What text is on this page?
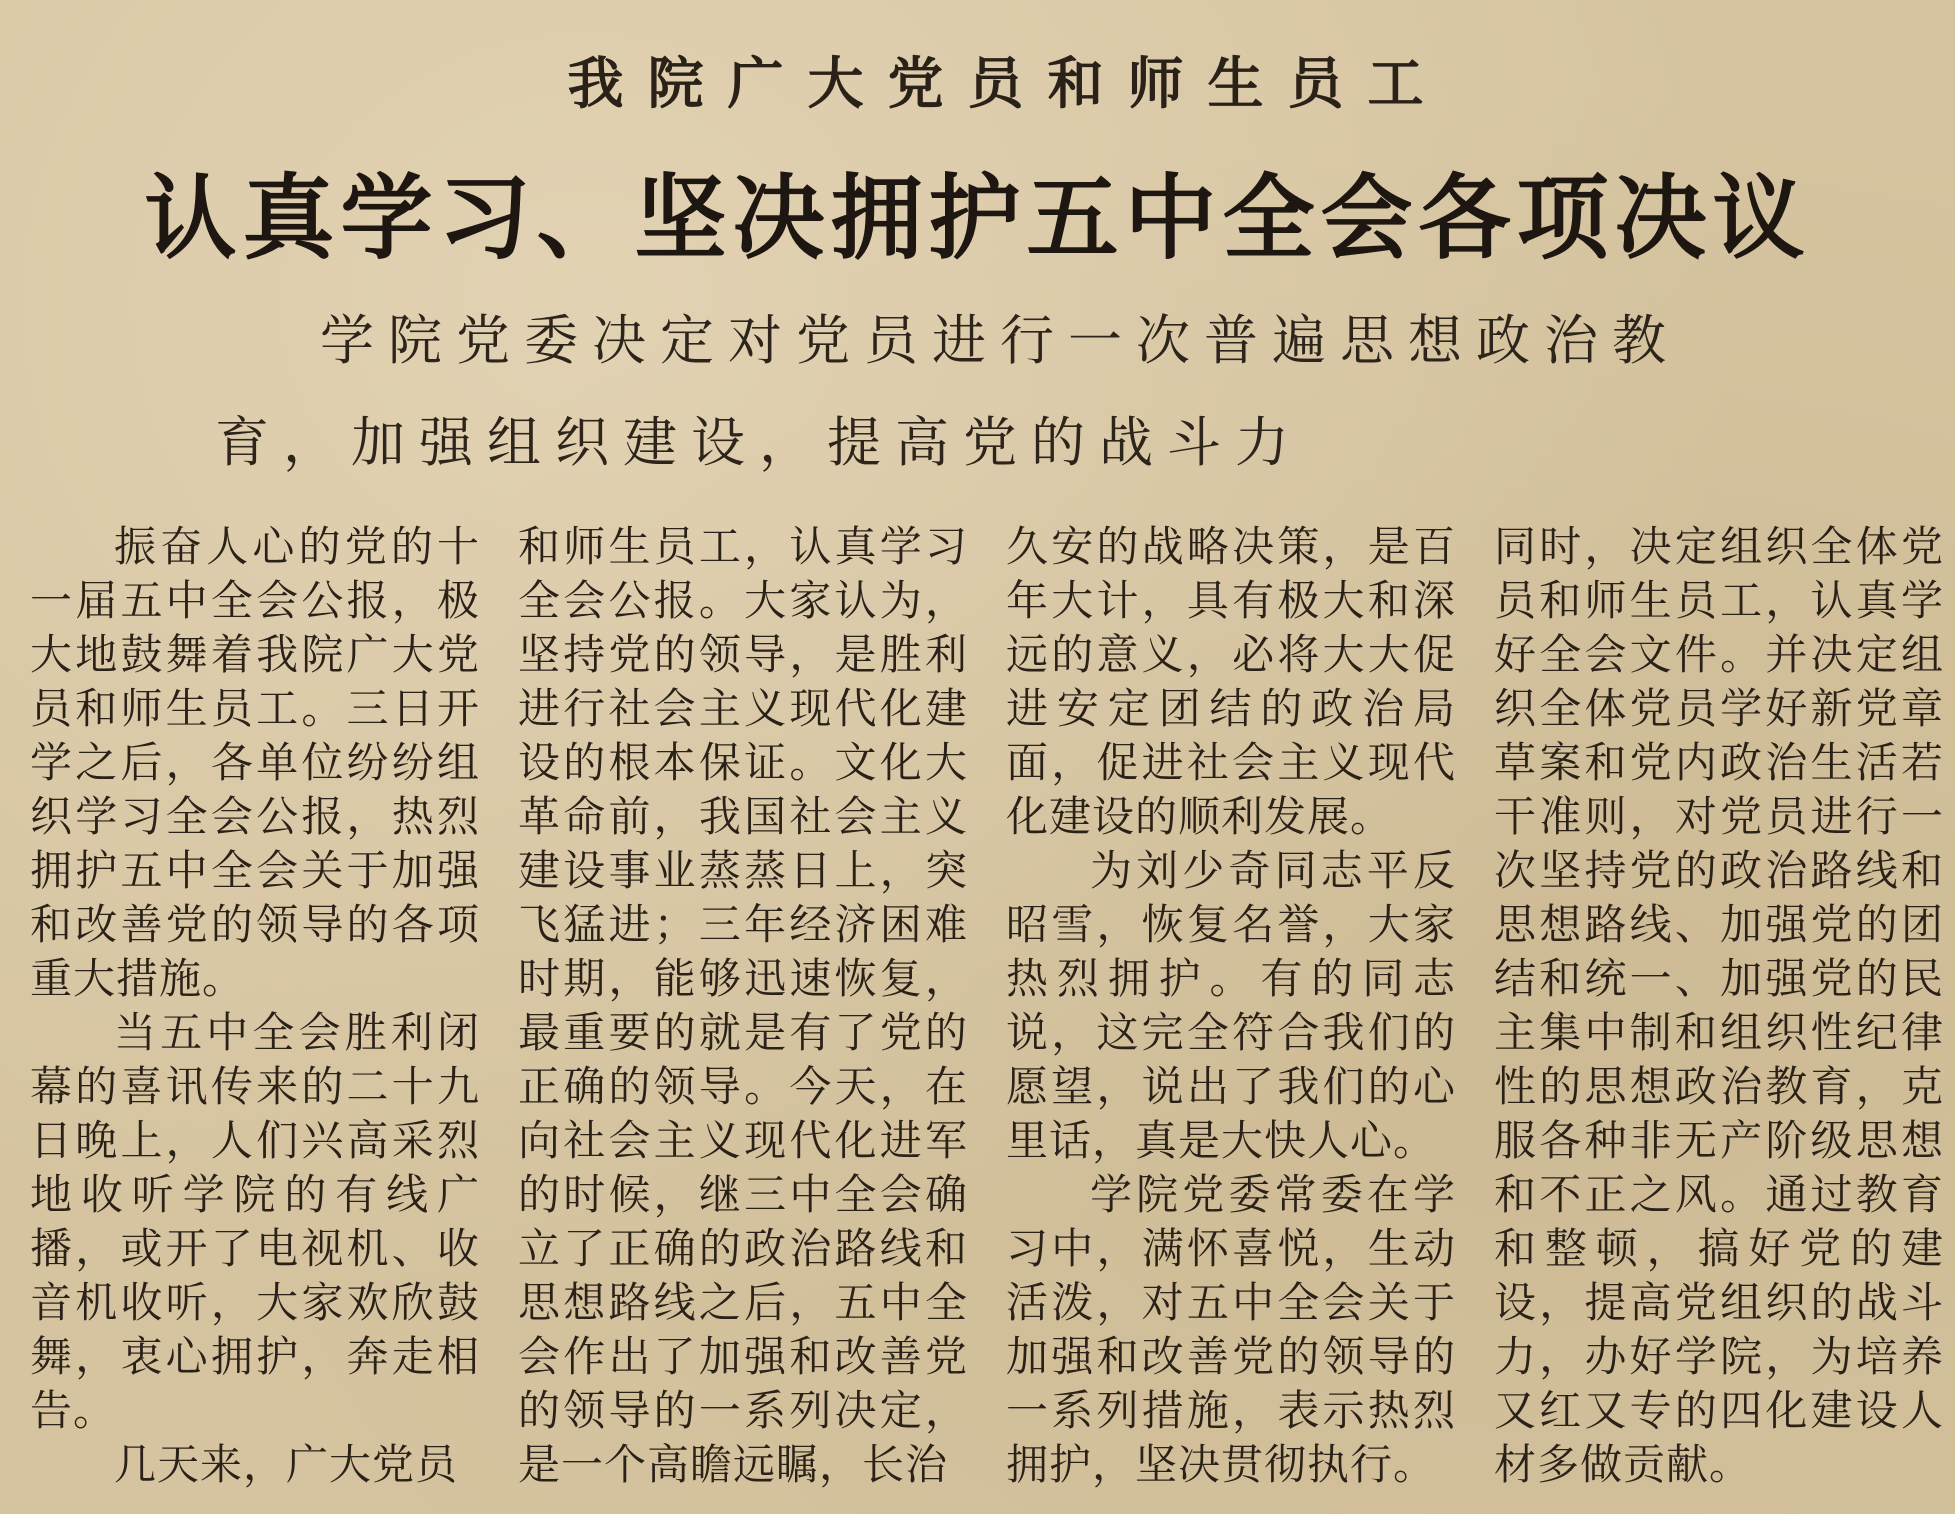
我院广大党员和师生员工
认真学习、坚决拥护五中全会各项决议
学院党委决定对党员进行一次普遍思想政治教
育，加强组织建设，提高党的战斗力

振奋人心的党的十一届五中全会公报，极大地鼓舞着我院广大党员和师生员工。三日开学之后，各单位纷纷组织学习全会公报，热烈拥护五中全会关于加强和改善党的领导的各项重大措施。

当五中全会胜利闭幕的喜讯传来的二十九日晚上，人们兴高采烈地收听学院的有线广播，或开了电视机、收音机收听，大家欢欣鼓舞，衷心拥护，奔走相告。

几天来，广大党员

和师生员工，认真学习全会公报。大家认为，坚持党的领导，是胜利进行社会主义现代化建设的根本保证。文化大革命前，我国社会主义建设事业蒸蒸日上，突飞猛进；三年经济困难时期，能够迅速恢复，最重要的就是有了党的正确的领导。今天，在向社会主义现代化进军的时候，继三中全会确立了正确的政治路线和思想路线之后，五中全会作出了加强和改善党的领导的一系列决定，是一个高瞻远瞩，长治

久安的战略决策，是百年大计，具有极大和深远的意义，必将大大促进安定团结的政治局面，促进社会主义现代化建设的顺利发展。

为刘少奇同志平反昭雪，恢复名誉，大家热烈拥护。有的同志说，这完全符合我们的愿望，说出了我们的心里话，真是大快人心。

学院党委常委在学习中，满怀喜悦，生动活泼，对五中全会关于加强和改善党的领导的一系列措施，表示热烈拥护，坚决贯彻执行。

同时，决定组织全体党员和师生员工，认真学好全会文件。并决定组织全体党员学好新党章草案和党内政治生活若干准则，对党员进行一次坚持党的政治路线和思想路线、加强党的团结和统一、加强党的民主集中制和组织性纪律性的思想政治教育，克服各种非无产阶级思想和不正之风。通过教育和整顿，搞好党的建设，提高党组织的战斗力，办好学院，为培养又红又专的四化建设人材多做贡献。
